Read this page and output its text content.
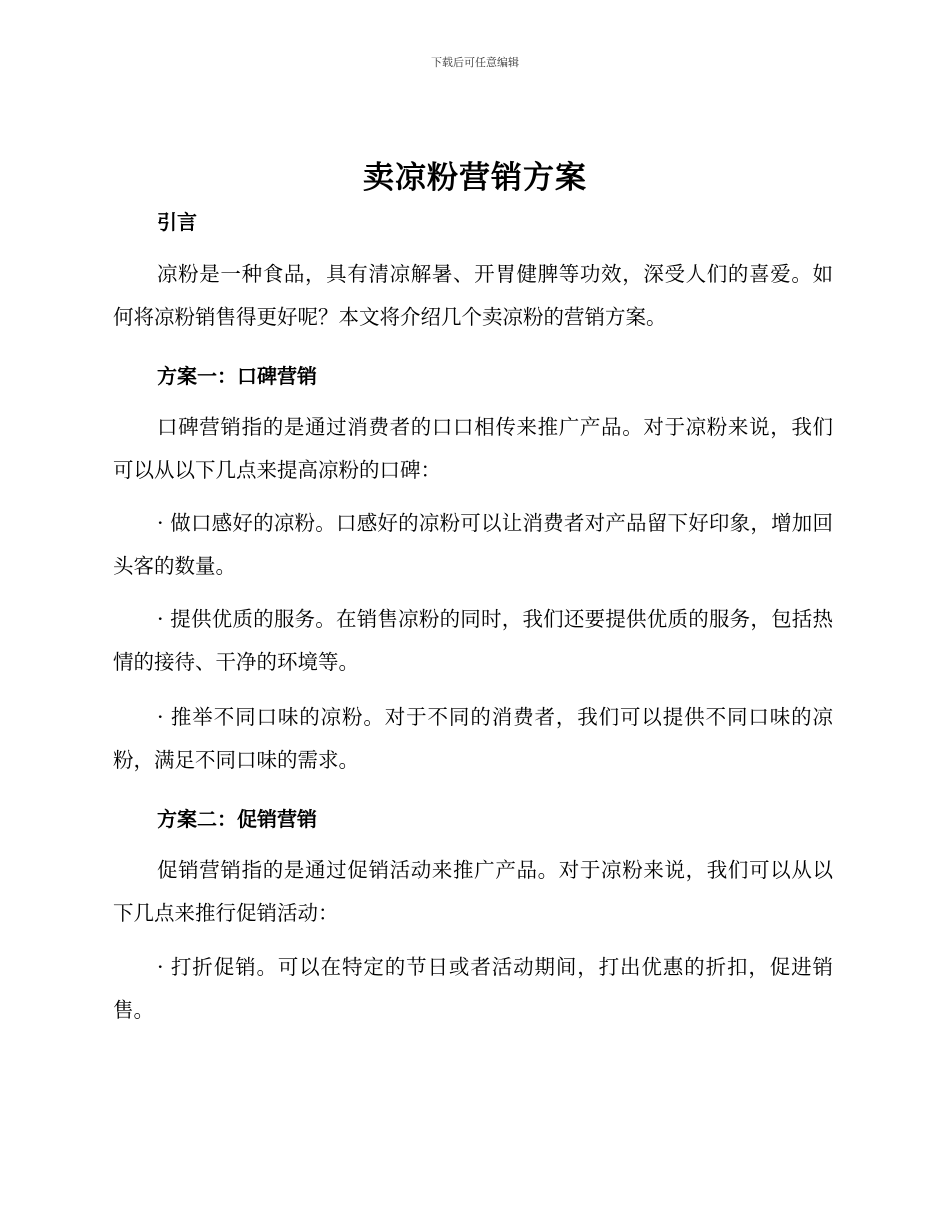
下载后可任意编辑
卖凉粉营销方案
引言
凉粉是一种食品，具有清凉解暑、开胃健脾等功效，深受人们的喜爱。如何将凉粉销售得更好呢？本文将介绍几个卖凉粉的营销方案。
方案一：口碑营销
口碑营销指的是通过消费者的口口相传来推广产品。对于凉粉来说，我们可以从以下几点来提高凉粉的口碑：
· 做口感好的凉粉。口感好的凉粉可以让消费者对产品留下好印象，增加回头客的数量。
· 提供优质的服务。在销售凉粉的同时，我们还要提供优质的服务，包括热情的接待、干净的环境等。
· 推举不同口味的凉粉。对于不同的消费者，我们可以提供不同口味的凉粉，满足不同口味的需求。
方案二：促销营销
促销营销指的是通过促销活动来推广产品。对于凉粉来说，我们可以从以下几点来推行促销活动：
· 打折促销。可以在特定的节日或者活动期间，打出优惠的折扣，促进销售。
